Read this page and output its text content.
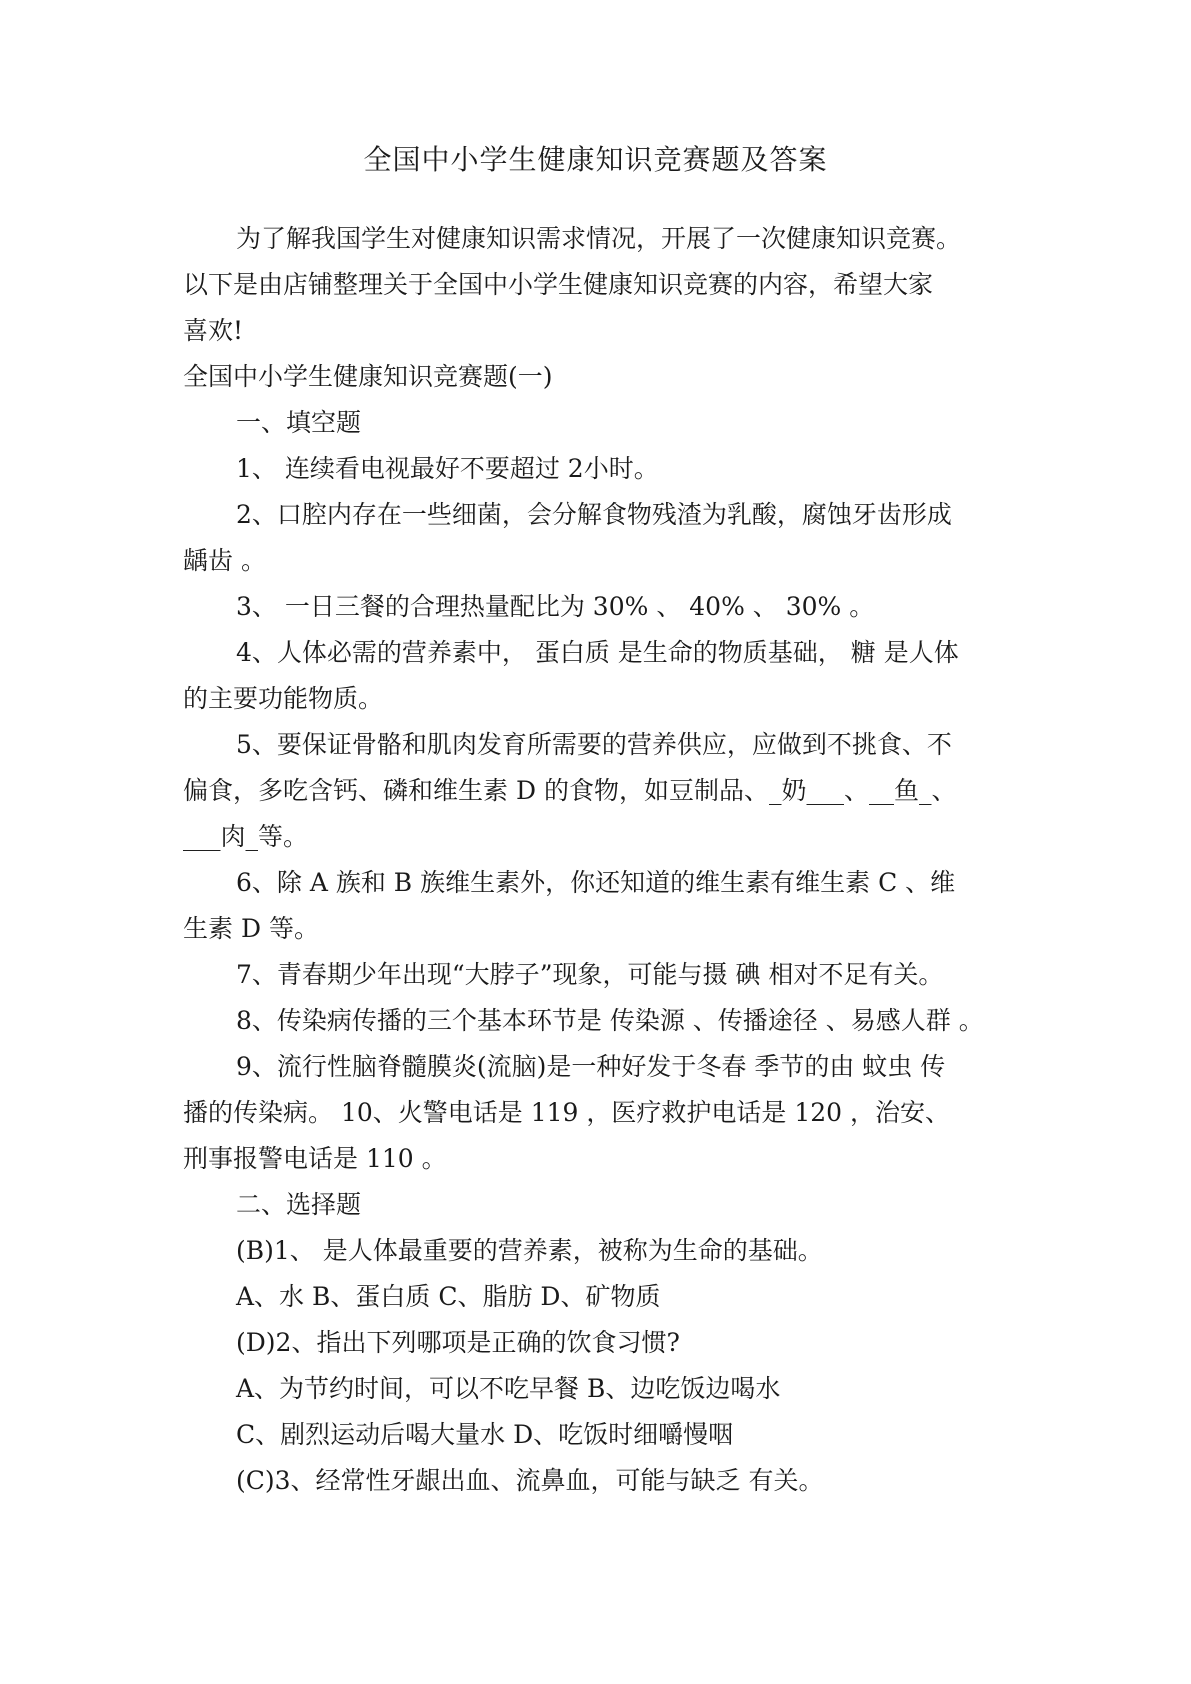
全国中小学生健康知识竞赛题及答案

为了解我国学生对健康知识需求情况，开展了一次健康知识竞赛。

以下是由店铺整理关于全国中小学生健康知识竞赛的内容，希望大家

喜欢!

全国中小学生健康知识竞赛题(一)

一、填空题

1、 连续看电视最好不要超过 2小时。

2、口腔内存在一些细菌，会分解食物残渣为乳酸，腐蚀牙齿形成

龋齿 。

3、 一日三餐的合理热量配比为 30% 、 40% 、 30% 。

4、人体必需的营养素中， 蛋白质 是生命的物质基础， 糖 是人体

的主要功能物质。

5、要保证骨骼和肌肉发育所需要的营养供应，应做到不挑食、不

偏食，多吃含钙、磷和维生素 D 的食物，如豆制品、_奶___、__鱼_、

___肉_等。

6、除 A 族和 B 族维生素外，你还知道的维生素有维生素 C 、维

生素 D 等。

7、青春期少年出现“大脖子”现象，可能与摄 碘 相对不足有关。

8、传染病传播的三个基本环节是 传染源 、传播途径 、易感人群 。

9、流行性脑脊髓膜炎(流脑)是一种好发于冬春 季节的由 蚊虫 传

播的传染病。 10、火警电话是 119 ，医疗救护电话是 120 ，治安、

刑事报警电话是 110 。

二、选择题

(B)1、 是人体最重要的营养素，被称为生命的基础。

A、水 B、蛋白质 C、脂肪 D、矿物质

(D)2、指出下列哪项是正确的饮食习惯?

A、为节约时间，可以不吃早餐 B、边吃饭边喝水

C、剧烈运动后喝大量水 D、吃饭时细嚼慢咽

(C)3、经常性牙龈出血、流鼻血，可能与缺乏 有关。
